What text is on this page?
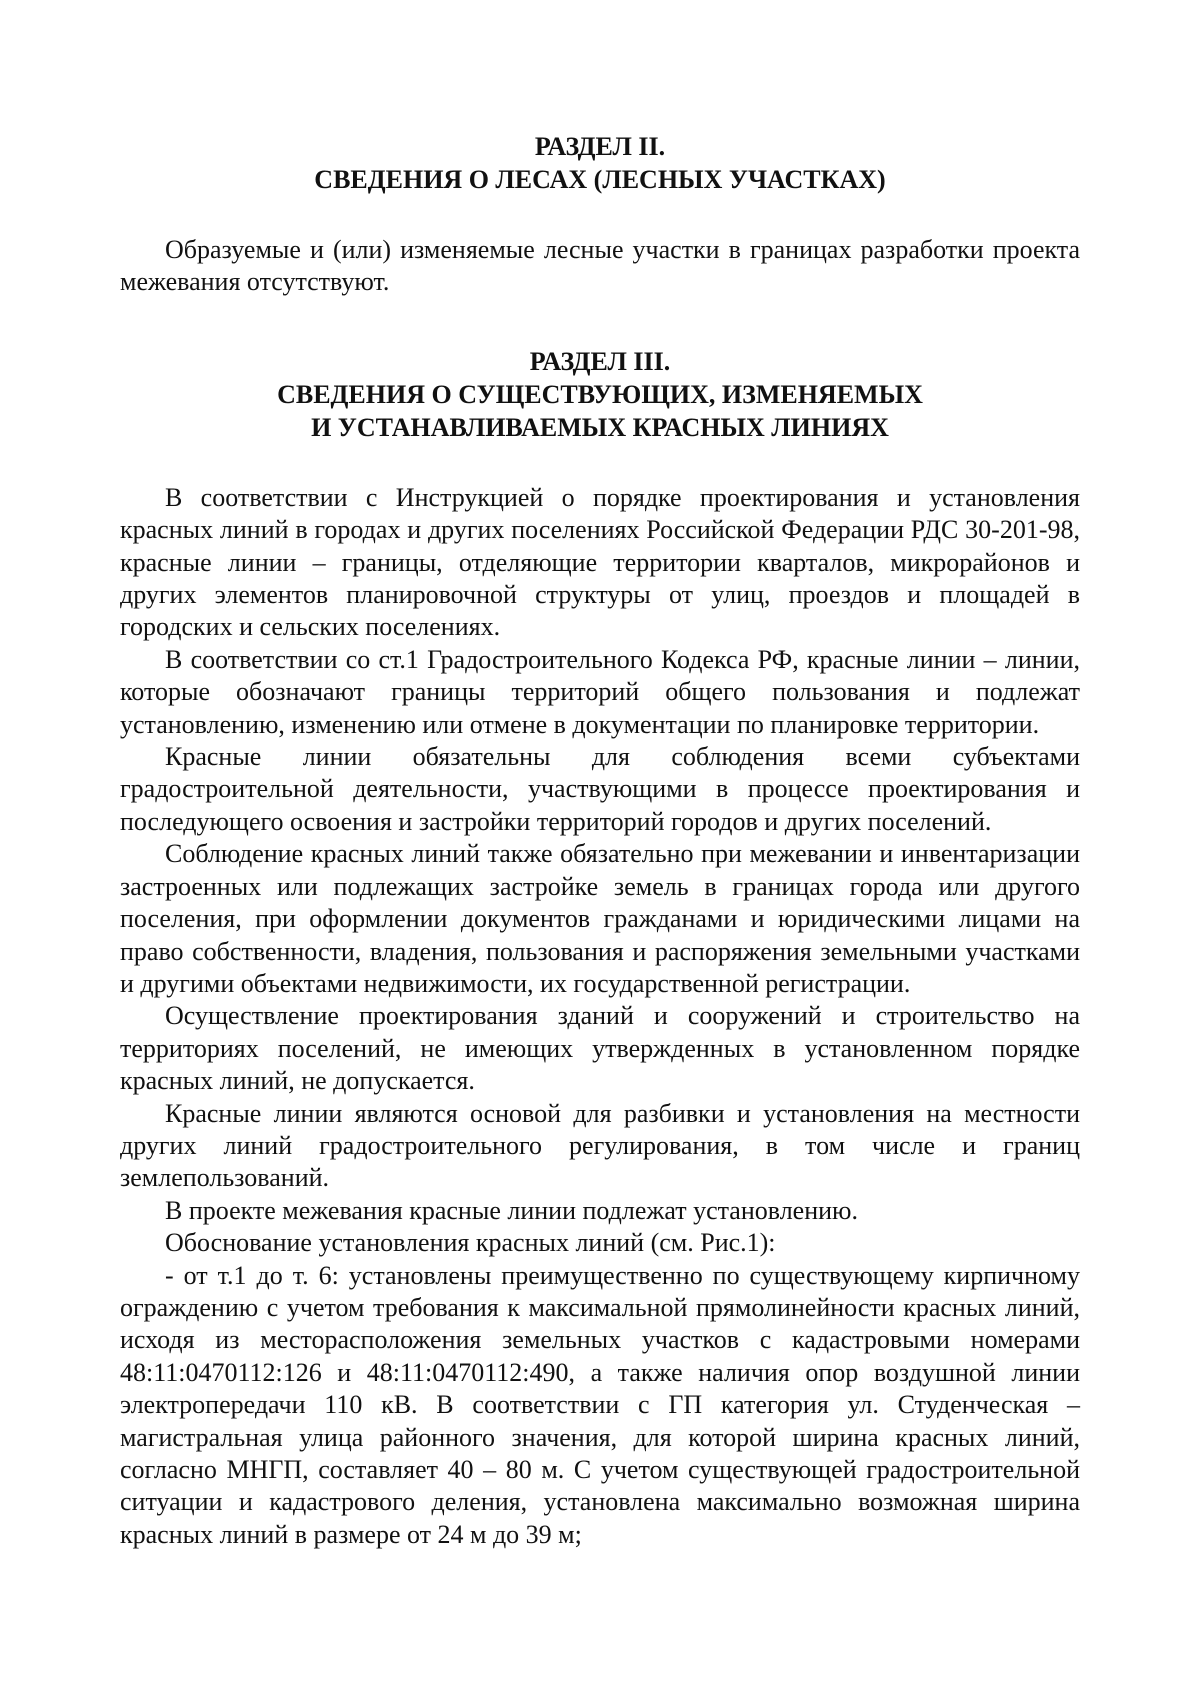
РАЗДЕЛ II.
СВЕДЕНИЯ О ЛЕСАХ (ЛЕСНЫХ УЧАСТКАХ)

Образуемые и (или) изменяемые лесные участки в границах разработки проекта межевания отсутствуют.

РАЗДЕЛ III.
СВЕДЕНИЯ О СУЩЕСТВУЮЩИХ, ИЗМЕНЯЕМЫХ
И УСТАНАВЛИВАЕМЫХ КРАСНЫХ ЛИНИЯХ

В соответствии с Инструкцией о порядке проектирования и установления красных линий в городах и других поселениях Российской Федерации РДС 30-201-98, красные линии – границы, отделяющие территории кварталов, микрорайонов и других элементов планировочной структуры от улиц, проездов и площадей в городских и сельских поселениях.

В соответствии со ст.1 Градостроительного Кодекса РФ, красные линии – линии, которые обозначают границы территорий общего пользования и подлежат установлению, изменению или отмене в документации по планировке территории.

Красные линии обязательны для соблюдения всеми субъектами градостроительной деятельности, участвующими в процессе проектирования и последующего освоения и застройки территорий городов и других поселений.

Соблюдение красных линий также обязательно при межевании и инвентаризации застроенных или подлежащих застройке земель в границах города или другого поселения, при оформлении документов гражданами и юридическими лицами на право собственности, владения, пользования и распоряжения земельными участками и другими объектами недвижимости, их государственной регистрации.

Осуществление проектирования зданий и сооружений и строительство на территориях поселений, не имеющих утвержденных в установленном порядке красных линий, не допускается.

Красные линии являются основой для разбивки и установления на местности других линий градостроительного регулирования, в том числе и границ землепользований.

В проекте межевания красные линии подлежат установлению.

Обоснование установления красных линий (см. Рис.1):

- от т.1 до т. 6: установлены преимущественно по существующему кирпичному ограждению с учетом требования к максимальной прямолинейности красных линий, исходя из месторасположения земельных участков с кадастровыми номерами 48:11:0470112:126 и 48:11:0470112:490, а также наличия опор воздушной линии электропередачи 110 кВ. В соответствии с ГП категория ул. Студенческая – магистральная улица районного значения, для которой ширина красных линий, согласно МНГП, составляет 40 – 80 м. С учетом существующей градостроительной ситуации и кадастрового деления, установлена максимально возможная ширина красных линий в размере от 24 м до 39 м;
